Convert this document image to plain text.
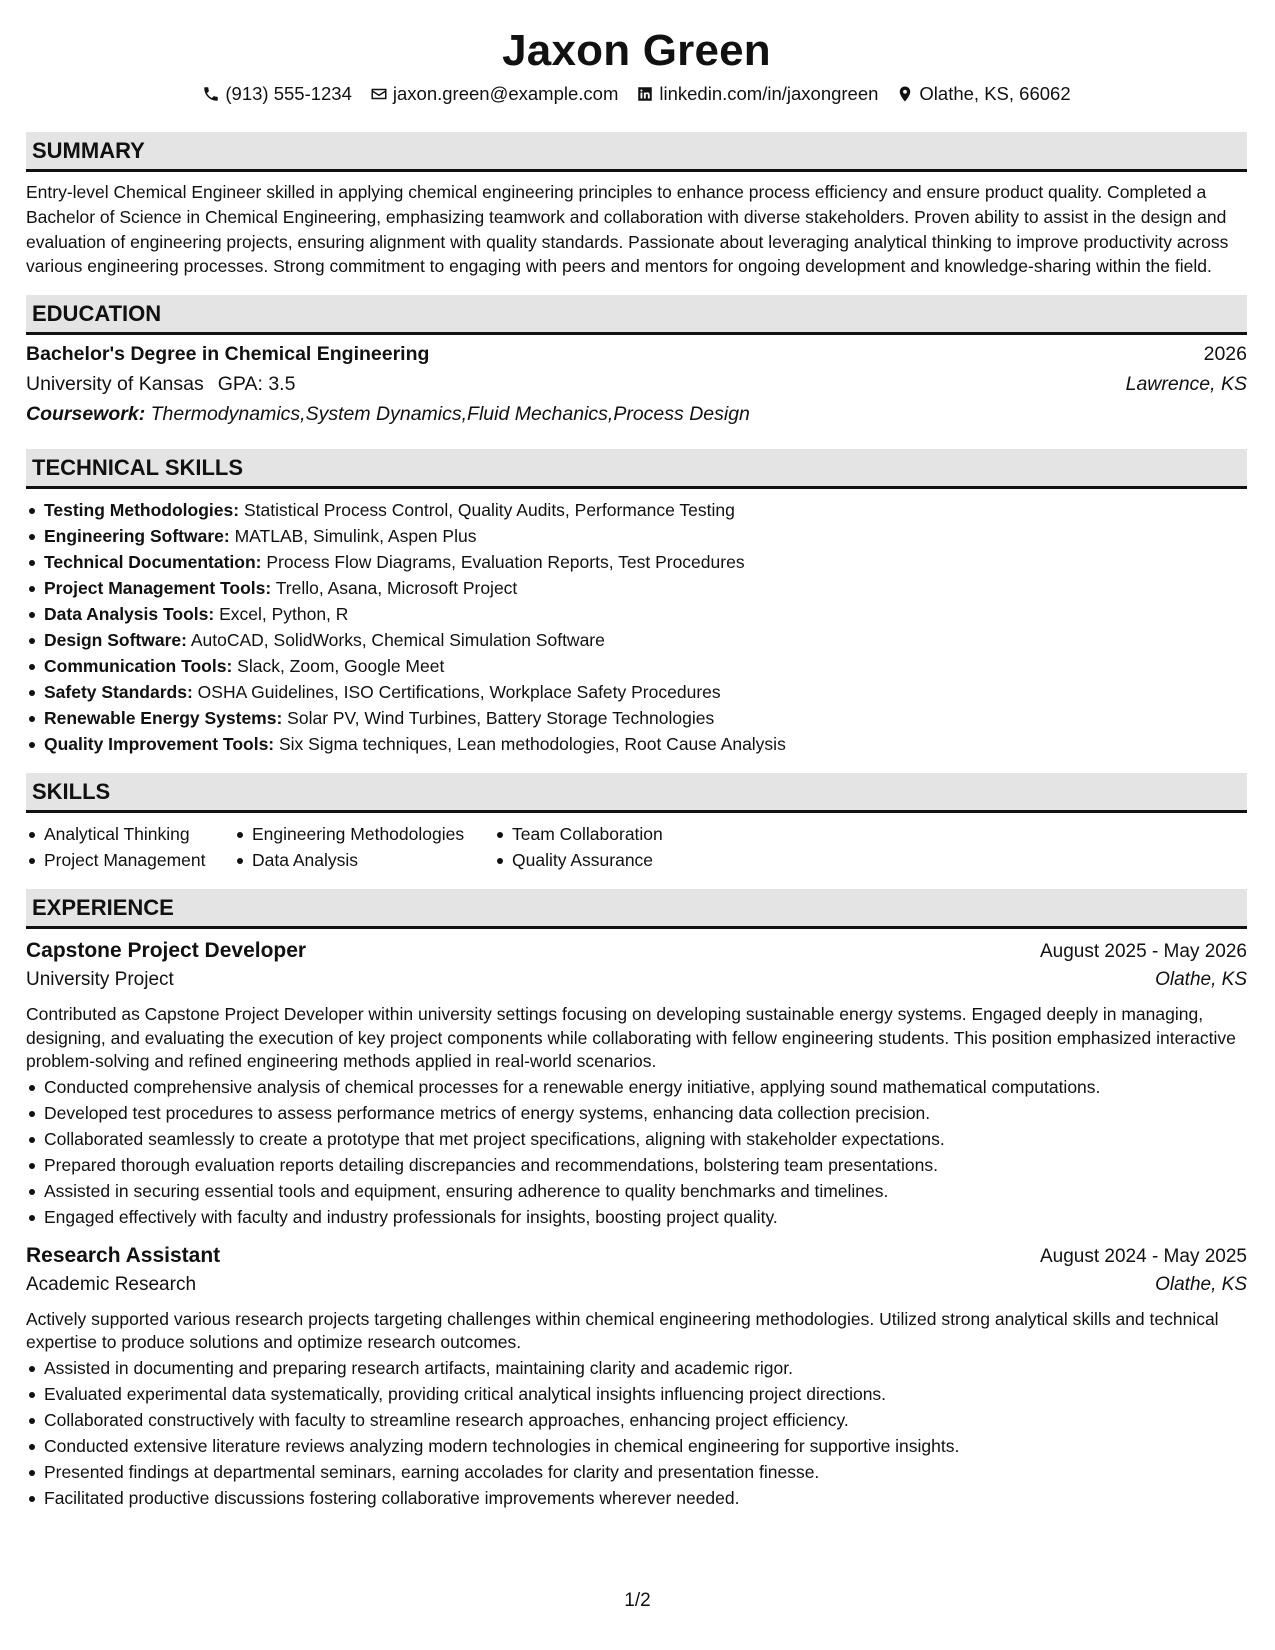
Jaxon Green
(913) 555-1234 jaxon.green@example.com linkedin.com/in/jaxongreen Olathe, KS, 66062
SUMMARY

Entry-level Chemical Engineer skilled in applying chemical engineering principles to enhance process efficiency and ensure product quality. Completed a Bachelor of Science in Chemical Engineering, emphasizing teamwork and collaboration with diverse stakeholders. Proven ability to assist in the design and evaluation of engineering projects, ensuring alignment with quality standards. Passionate about leveraging analytical thinking to improve productivity across various engineering processes. Strong commitment to engaging with peers and mentors for ongoing development and knowledge-sharing within the field.

EDUCATION
Bachelor's Degree in Chemical Engineering	2026
University of Kansas GPA: 3.5	Lawrence, KS
Coursework: Thermodynamics,System Dynamics,Fluid Mechanics,Process Design
TECHNICAL SKILLS
Testing Methodologies: Statistical Process Control, Quality Audits, Performance Testing
Engineering Software: MATLAB, Simulink, Aspen Plus
Technical Documentation: Process Flow Diagrams, Evaluation Reports, Test Procedures
Project Management Tools: Trello, Asana, Microsoft Project
Data Analysis Tools: Excel, Python, R
Design Software: AutoCAD, SolidWorks, Chemical Simulation Software
Communication Tools: Slack, Zoom, Google Meet
Safety Standards: OSHA Guidelines, ISO Certifications, Workplace Safety Procedures
Renewable Energy Systems: Solar PV, Wind Turbines, Battery Storage Technologies
Quality Improvement Tools: Six Sigma techniques, Lean methodologies, Root Cause Analysis
SKILLS
Analytical Thinking
Project Management
Engineering Methodologies
Data Analysis
Team Collaboration
Quality Assurance
EXPERIENCE
Capstone Project Developer	August 2025 - May 2026
University Project	Olathe, KS

Contributed as Capstone Project Developer within university settings focusing on developing sustainable energy systems. Engaged deeply in managing, designing, and evaluating the execution of key project components while collaborating with fellow engineering students. This position emphasized interactive problem-solving and refined engineering methods applied in real-world scenarios.

Conducted comprehensive analysis of chemical processes for a renewable energy initiative, applying sound mathematical computations.
Developed test procedures to assess performance metrics of energy systems, enhancing data collection precision.
Collaborated seamlessly to create a prototype that met project specifications, aligning with stakeholder expectations.
Prepared thorough evaluation reports detailing discrepancies and recommendations, bolstering team presentations.
Assisted in securing essential tools and equipment, ensuring adherence to quality benchmarks and timelines.
Engaged effectively with faculty and industry professionals for insights, boosting project quality.
Research Assistant	August 2024 - May 2025
Academic Research	Olathe, KS

Actively supported various research projects targeting challenges within chemical engineering methodologies. Utilized strong analytical skills and technical expertise to produce solutions and optimize research outcomes.

Assisted in documenting and preparing research artifacts, maintaining clarity and academic rigor.
Evaluated experimental data systematically, providing critical analytical insights influencing project directions.
Collaborated constructively with faculty to streamline research approaches, enhancing project efficiency.
Conducted extensive literature reviews analyzing modern technologies in chemical engineering for supportive insights.
Presented findings at departmental seminars, earning accolades for clarity and presentation finesse.
Facilitated productive discussions fostering collaborative improvements wherever needed.
1/2
